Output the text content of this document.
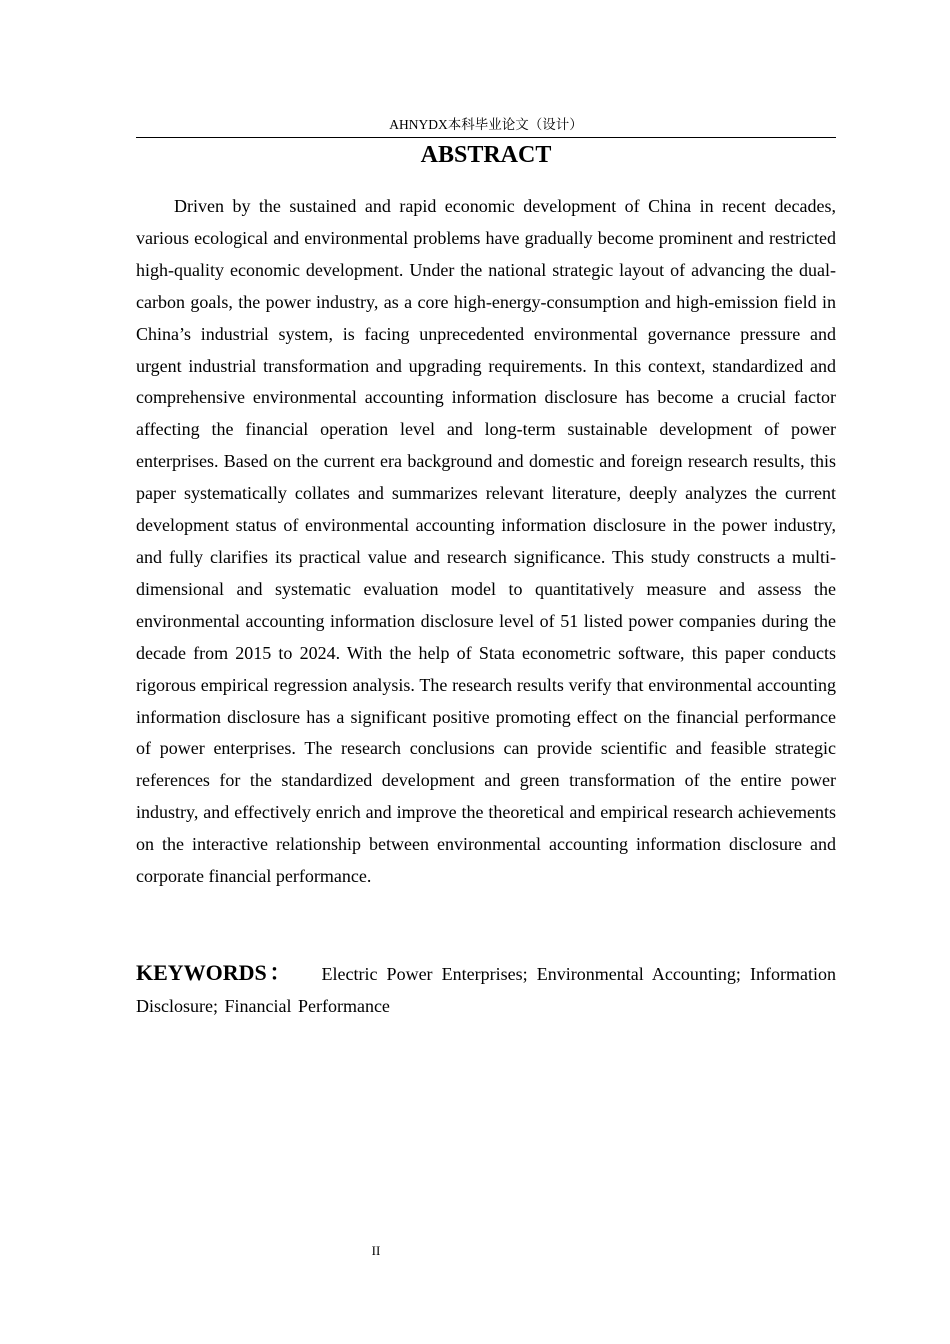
AHNYDX本科毕业论文（设计）
ABSTRACT

Driven by the sustained and rapid economic development of China in recent decades, various ecological and environmental problems have gradually become prominent and restricted high-quality economic development. Under the national strategic layout of advancing the dual-carbon goals, the power industry, as a core high-energy-consumption and high-emission field in China’s industrial system, is facing unprecedented environmental governance pressure and urgent industrial transformation and upgrading requirements. In this context, standardized and comprehensive environmental accounting information disclosure has become a crucial factor affecting the financial operation level and long-term sustainable development of power enterprises. Based on the current era background and domestic and foreign research results, this paper systematically collates and summarizes relevant literature, deeply analyzes the current development status of environmental accounting information disclosure in the power industry, and fully clarifies its practical value and research significance. This study constructs a multi-dimensional and systematic evaluation model to quantitatively measure and assess the environmental accounting information disclosure level of 51 listed power companies during the decade from 2015 to 2024. With the help of Stata econometric software, this paper conducts rigorous empirical regression analysis. The research results verify that environmental accounting information disclosure has a significant positive promoting effect on the financial performance of power enterprises. The research conclusions can provide scientific and feasible strategic references for the standardized development and green transformation of the entire power industry, and effectively enrich and improve the theoretical and empirical research achievements on the interactive relationship between environmental accounting information disclosure and corporate financial performance.

KEYWORDS： Electric Power Enterprises; Environmental Accounting; Information Disclosure; Financial Performance

II
